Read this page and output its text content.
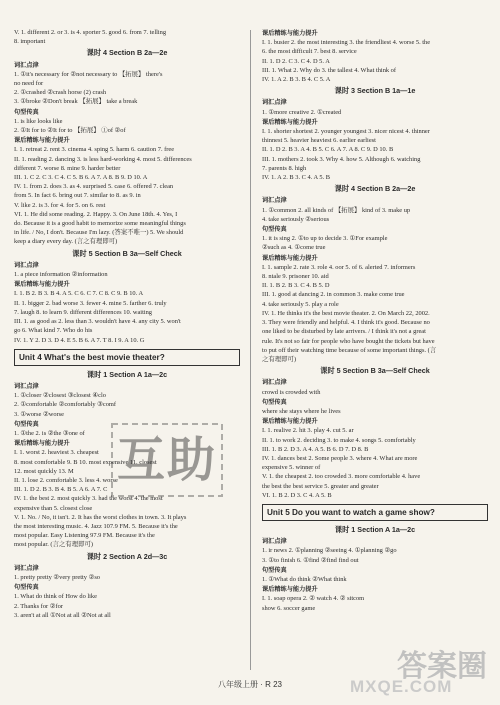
V. 1. different 2. or 3. is 4. sporter 5. good 6. from 7. telling
8. important
课时 4 Section B 2a—2e
词汇点津
1. ①it's necessary for ②not necessary to 【拓展】 there's
no need for
2. ①crashed ②crash horse (2) crash
3. ①broke ②Don't break 【拓展】 take a break
句型传真
1. is like looks like
2. ①It for to ②It for to 【拓展】 ①of ②of
课后精练与能力提升
I. 1. retreat 2. rent 3. cinema 4. sping 5. harm 6. caution 7. free
II. 1. reading 2. dancing 3. is less hard-working 4. most 5. differences
different 7. worse 8. mine 9. harder better
III. 1. C 2. C 3. C 4. C 5. B 6. A 7. A 8. B 9. D 10. A
IV. 1. from 2. does 3. as 4. surprised 5. case 6. offered 7. clean
from 5. In fact 6. bring out 7. similar to 8. as 9. in
V. like 2. is 3. for 4. for 5. on 6. rest
VI. 1. He did some reading. 2. Happy. 3. On June 18th. 4. Yes, I
do. Because it is a good habit to memorize some meaningful things
in life. / No, I don't. Because I'm lazy. (答案不唯一) 5. We should
keep a diary every day. (言之有理即可)
课时 5 Section B 3a—Self Check
词汇点津
1. a piece information ②information
课后精练与能力提升
I. 1. B 2. B 3. B 4. A 5. C 6. C 7. C 8. C 9. B 10. A
II. 1. bigger 2. bad worse 3. fewer 4. mine 5. farther 6. truly
7. laugh 8. to learn 9. different differences 10. waiting
III. 1. as good as 2. less than 3. wouldn't have 4. any city 5. won't
go 6. What kind 7. Who do his
IV. 1. Y 2. D 3. D 4. E 5. B 6. A 7. T 8. I 9. A 10. G
Unit 4 What's the best movie theater?
课时 1 Section A 1a—2c
词汇点津
1. ①closer ②closest ③closest ④clo
2. ①comfortable ②comfortably ③comf
3. ①worse ②worse
句型传真
1. ①the 2. is ②the ③one of
课后精练与能力提升
I. 1. worst 2. heaviest 3. cheapest
8. most comfortable 9. B 10. most expensive 11. closest
12. most quickly 13. M
II. 1. lose 2. comfortable 3. less 4. worse
III. 1. D 2. B 3. B 4. B 5. A 6. A 7. C
IV. 1. the best 2. most quickly 3. had the worst 4. the most
expensive than 5. closest close
V. 1. No. / No, it isn't. 2. It has the worst clothes in town. 3. It plays
the most interesting music. 4. Jazz 107.9 FM. 5. Because it's the
most popular. Easy Listening 97.9 FM. Because it's the
most popular. (言之有理即可)
课时 2 Section A 2d—3c
词汇点津
1. pretty pretty ②very pretty ②so
句型传真
1. What do think of How do like
2. Thanks for ②for
3. aren't at all ①Not at all ②Not at all
课后精练与能力提升
I. 1. busier 2. the most interesting 3. the friendliest 4. worse 5. the
6. the most difficult 7. best 8. service
II. 1. D 2. C 3. C 4. D 5. A
III. 1. What 2. Why do 3. the tallest 4. What think of
IV. 1. A 2. B 3. B 4. C 5. A
课时 3 Section B 1a—1e
词汇点津
1. ①more creative 2. ①created
课后精练与能力提升
I. 1. shorter shortest 2. younger youngest 3. nicer nicest 4. thinner
thinnest 5. heavier heaviest 6. earlier earliest
II. 1. D 2. B 3. A 4. B 5. C 6. A 7. A 8. C 9. D 10. B
III. 1. mothers 2. took 3. Why 4. how 5. Although 6. watching
7. parents 8. high
IV. 1. A 2. B 3. C 4. A 5. B
课时 4 Section B 2a—2e
词汇点津
1. ①common 2. all kinds of 【拓展】 kind of 3. make up
4. take seriously ②serious
句型传真
1. it is sing 2. ①to up to decide 3. ①For example
②such as 4. ①come true
课后精练与能力提升
I. 1. sample 2. rate 3. role 4. oor 5. of 6. alerted 7. informers
8. ntale 9. prisoner 10. aid
II. 1. B 2. B 3. C 4. B 5. D
III. 1. good at dancing 2. in common 3. make come true
4. take seriously 5. play a role
IV. 1. He thinks it's the best movie theater. 2. On March 22, 2002.
3. They were friendly and helpful. 4. I think it's good. Because no
one liked to be disturbed by late arrivers. / I think it's not a great
rule. It's not so fair for people who have bought the tickets but have
to put off their watching time because of some important things. (言
之有理即可)
课时 5 Section B 3a—Self Check
词汇点津
crowd is crowded with
句型传真
where she stays where he lives
课后精练与能力提升
I. 1. realive 2. hit 3. play 4. cut 5. ar
II. 1. to work 2. deciding 3. to make 4. songs 5. comfortably
III. 1. B 2. D 3. A 4. A 5. B 6. D 7. D 8. B
IV. 1. dances best 2. Some people 3. where 4. What are more
expensive 5. winner of
V. 1. the cheapest 2. too crowded 3. more comfortable 4. have
the best the best service 5. greater and greater
VI. 1. B 2. D 3. C 4. A 5. B
Unit 5 Do you want to watch a game show?
课时 1 Section A 1a—2c
词汇点津
1. ir news 2. ①planning ②seeing 4. ①planning ②go
3. ①to finish 6. ①find ②find find out
句型传真
1. ①What do think ②What think
课后精练与能力提升
I. 1. soap opera 2. ② watch 4. ② sitcom
show 6. soccer game
互助
答案圈
MXQE.COM
八年级上册 · R 23
